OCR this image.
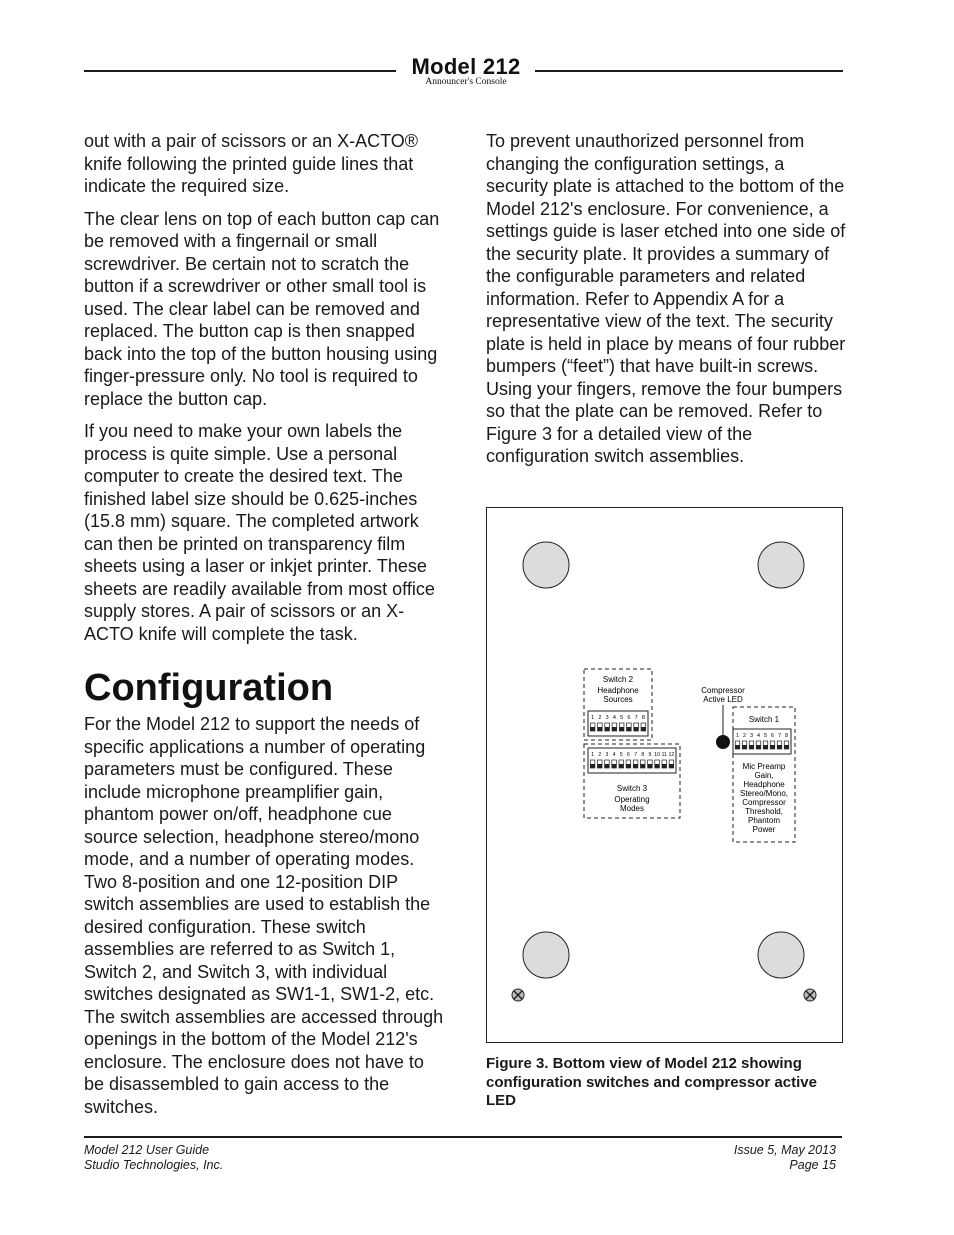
Model 212
Announcer's Console

out with a pair of scissors or an X-ACTO® knife following the printed guide lines that indicate the required size.

The clear lens on top of each button cap can be removed with a fingernail or small screwdriver. Be certain not to scratch the button if a screwdriver or other small tool is used. The clear label can be removed and replaced. The button cap is then snapped back into the top of the button housing using finger-pressure only. No tool is required to replace the button cap.

If you need to make your own labels the process is quite simple. Use a personal computer to create the desired text. The finished label size should be 0.625-inches (15.8 mm) square. The completed artwork can then be printed on transparency film sheets using a laser or inkjet printer. These sheets are readily available from most office supply stores. A pair of scissors or an X-ACTO knife will complete the task.

Configuration

For the Model 212 to support the needs of specific applications a number of operating parameters must be configured. These include microphone preamplifier gain, phantom power on/off, headphone cue source selection, headphone stereo/mono mode, and a number of operating modes. Two 8-position and one 12-position DIP switch assemblies are used to establish the desired configuration. These switch assemblies are referred to as Switch 1, Switch 2, and Switch 3, with individual switches designated as SW1-1, SW1-2, etc. The switch assemblies are accessed through openings in the bottom of the Model 212's enclosure. The enclosure does not have to be disassembled to gain access to the switches.

To prevent unauthorized personnel from changing the configuration settings, a security plate is attached to the bottom of the Model 212's enclosure. For convenience, a settings guide is laser etched into one side of the security plate. It provides a summary of the configurable parameters and related information. Refer to Appendix A for a representative view of the text. The security plate is held in place by means of four rubber bumpers (“feet”) that have built-in screws. Using your fingers, remove the four bumpers so that the plate can be removed. Refer to Figure 3 for a detailed view of the configuration switch assemblies.

Switch 2
Headphone
Sources
1 2 3 4 5 6 7 8
1 2 3 4 5 6 7 8 9 10 11 12
Switch 3
Operating
Modes
Compressor
Active LED
Switch 1
1 2 3 4 5 6 7 8
Mic Preamp
Gain,
Headphone
Stereo/Mono,
Compressor
Threshold,
Phantom
Power
Figure 3. Bottom view of Model 212 showing configuration switches and compressor active LED
Model 212 User Guide
Studio Technologies, Inc.
Issue 5, May 2013
Page 15
